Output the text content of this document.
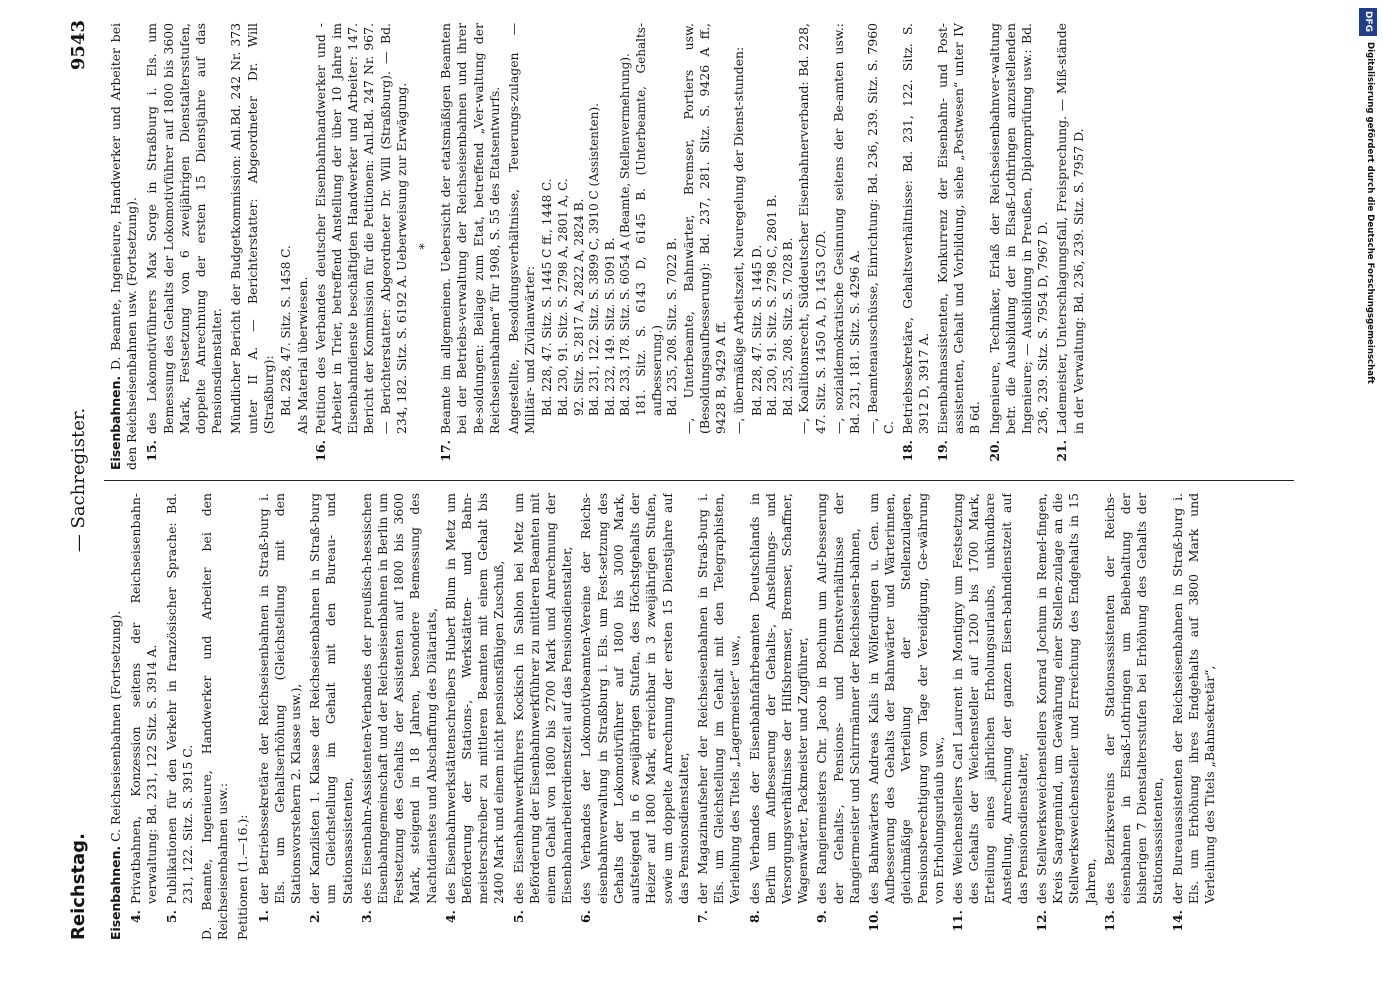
Reichstag.
— Sachregister.
9543
Eisenbahnen. C. Reichseisenbahnen (Fortsetzung).
4.
Privatbahnen, Konzession seitens der Reichseisenbahn-verwaltung: Bd. 231, 122 Sitz. S. 3914 A.
5.
Publikationen für den Verkehr in französischer Sprache: Bd. 231, 122. Sitz. S. 3915 C. D. Beamte, Ingenieure, Handwerker und Arbeiter bei den Reichseisenbahnen usw.: Petitionen (1.—16.): 1.
der Betriebssekretäre der Reichseisenbahnen in Straß-burg i. Els. um Gehaltserhöhung (Gleichstellung mit den Stationsvorstehern 2. Klasse usw.),
2.
der Kanzlisten 1. Klasse der Reichseisenbahnen in Straß-burg um Gleichstellung im Gehalt mit den Bureau- und Stationsassistenten,
3.
des Eisenbahn-Assistenten-Verbandes der preußisch-hessischen Eisenbahngemeinschaft und der Reichseisenbahnen in Berlin um Festsetzung des Gehalts der Assistenten auf 1800 bis 3600 Mark, steigend in 18 Jahren, besondere Bemessung des Nachtdienstes und Abschaffung des Diätariats,
4.
des Eisenbahnwerkstättenschreibers Hubert Blum in Metz um Beförderung der Stations-, Werkstätten- und Bahn-meisterschreiber zu mittleren Beamten mit einem Gehalt bis 2400 Mark und einem nicht pensionsfähigen Zuschuß,
5.
des Eisenbahnwerkführers Kockisch in Sablon bei Metz um Beförderung der Eisenbahnwerkführer zu mittleren Beamten mit einem Gehalt von 1800 bis 2700 Mark und Anrechnung der Eisenbahnarbeiterdienstzeit auf das Pensionsdienstalter,
6.
des Verbandes der Lokomotivbeamten-Vereine der Reichs-eisenbahnverwaltung in Straßburg i. Els. um Fest-setzung des Gehalts der Lokomotivführer auf 1800 bis 3000 Mark, aufsteigend in 6 zweijährigen Stufen, des Höchstgehalts der Heizer auf 1800 Mark, erreichbar in 3 zweijährigen Stufen, sowie um doppelte Anrechnung der ersten 15 Dienstjahre auf das Pensionsdienstalter,
7.
der Magazinaufseher der Reichseisenbahnen in Straß-burg i. Els. um Gleichstellung im Gehalt mit den Telegraphisten, Verleihung des Titels „Lagermeister“ usw.,
8.
des Verbandes der Eisenbahnfahrbeamten Deutschlands in Berlin um Aufbesserung der Gehalts-, Anstellungs- und Versorgungsverhältnisse der Hilfsbremser, Bremser, Schaffner, Wagenwärter, Packmeister und Zugführer,
9.
des Rangiermeisters Chr. Jacob in Bochum um Auf-besserung der Gehalts-, Pensions- und Dienstverhältnisse der Rangiermeister und Schirrmänner der Reichseisen-bahnen,
10.
des Bahnwärters Andreas Kalis in Wölferdingen u. Gen. um Aufbesserung des Gehalts der Bahnwärter und Wärterinnen, gleichmäßige Verteilung der Stellenzulagen, Pensionsberechtigung vom Tage der Vereidigung, Ge-währung von Erholungsurlaub usw.,
11.
des Weichenstellers Carl Laurent in Montigny um Festsetzung des Gehalts der Weichensteller auf 1200 bis 1700 Mark, Erteilung eines jährlichen Erholungsurlaubs, unkündbare Anstellung, Anrechnung der ganzen Eisen-bahndienstzeit auf das Pensionsdienstalter,
12.
des Stellwerksweichenstellers Konrad Jochum in Remel-fingen, Kreis Saargemünd, um Gewährung einer Stellen-zulage an die Stellwerksweichensteller und Erreichung des Endgehalts in 15 Jahren,
13.
des Bezirksvereins der Stationsassistenten der Reichs-eisenbahnen in Elsaß-Lothringen um Beibehaltung der bisherigen 7 Dienstaltersstufen bei Erhöhung des Gehalts der Stationsassistenten,
14.
der Bureauassistenten der Reichseisenbahnen in Straß-burg i. Els. um Erhöhung ihres Endgehalts auf 3800 Mark und Verleihung des Titels „Bahnsekretär“,
Eisenbahnen. D. Beamte, Ingenieure, Handwerker und Arbeiter bei den Reichseisenbahnen usw. (Fortsetzung). 15.
des Lokomotivführers Max Sorge in Straßburg i. Els. um Bemessung des Gehalts der Lokomotivführer auf 1800 bis 3600 Mark, Festsetzung von 6 zweijährigen Dienstaltersstufen, doppelte Anrechnung der ersten 15 Dienstjahre auf das Pensionsdienstalter. Mündlicher Bericht der Budgetkommission: Anl.Bd. 242 Nr. 373 unter II A. — Berichterstatter: Abgeordneter Dr. Will (Straßburg): Bd. 228, 47. Sitz. S. 1458 C. Als Material überwiesen.
16.
Petition des Verbandes deutscher Eisenbahnhandwerker und -Arbeiter in Trier, betreffend Anstellung der über 10 Jahre im Eisenbahndienste beschäftigten Handwerker und Arbeiter: 147. Bericht der Kommission für die Petitionen: Anl.Bd. 247 Nr. 967. — Berichterstatter: Abgeordneter Dr. Will (Straßburg). — Bd. 234, 182. Sitz. S. 6192 A. Ueberweisung zur Erwägung. *
17.
Beamte im allgemeinen. Uebersicht der etatsmäßigen Beamten bei der Betriebs-verwaltung der Reichseisenbahnen und ihrer Be-soldungen: Beilage zum Etat, betreffend „Ver-waltung der Reichseisenbahnen“ für 1908, S. 55 des Etatsentwurfs. Angestellte, Besoldungsverhältnisse, Teuerungs-zulagen — Militär- und Zivilanwärter: Bd. 228, 47. Sitz. S. 1445 C ff., 1448 C. Bd. 230, 91. Sitz. S. 2798 A, 2801 A, C. 92. Sitz. S. 2817 A, 2822 A, 2824 B. Bd. 231, 122. Sitz. S. 3899 C, 3910 C (Assistenten). Bd. 232, 149. Sitz. S. 5091 B. Bd. 233, 178. Sitz. S. 6054 A (Beamte, Stellenvermehrung). 181. Sitz. S. 6143 D, 6145 B. (Unterbeamte, Gehalts-aufbesserung.) Bd. 235, 208. Sitz. S. 7022 B. —, Unterbeamte, Bahnwärter, Bremser, Portiers usw. (Besoldungsaufbesserung): Bd. 237, 281. Sitz. S. 9426 A ff., 9428 B, 9429 A ff. —, übermäßige Arbeitszeit, Neuregelung der Dienst-stunden: Bd. 228, 47. Sitz. S. 1445 D. Bd. 230, 91. Sitz. S. 2798 C, 2801 B. Bd. 235, 208. Sitz. S. 7028 B. —, Koalitionsrecht, Süddeutscher Eisenbahnerverband: Bd. 228, 47. Sitz. S. 1450 A, D, 1453 C/D. —, sozialdemokratische Gesinnung seitens der Be-amten usw.: Bd. 231, 181. Sitz. S. 4296 A. —, Beamtenausschüsse, Einrichtung: Bd. 236, 239. Sitz. S. 7960 C.
18.
Betriebssekretäre, Gehaltsverhältnisse: Bd. 231, 122. Sitz. S. 3912 D, 3917 A.
19.
Eisenbahnassistenten, Konkurrenz der Eisenbahn- und Post-assistenten, Gehalt und Vorbildung, siehe „Postwesen“ unter IV B 6d.
20.
Ingenieure, Techniker, Erlaß der Reichseisenbahnver-waltung betr. die Ausbildung der in Elsaß-Lothringen anzustellenden Ingenieure; — Ausbildung in Preußen, Diplomprüfung usw.: Bd. 236, 239. Sitz. S. 7954 D, 7967 D.
21.
Lademeister, Unterschlagungsfall, Freisprechung. — Miß-stände in der Verwaltung: Bd. 236, 239. Sitz. S. 7957 D.
DFG
Digitalisierung gefördert durch die Deutsche Forschungsgemeinschaft
